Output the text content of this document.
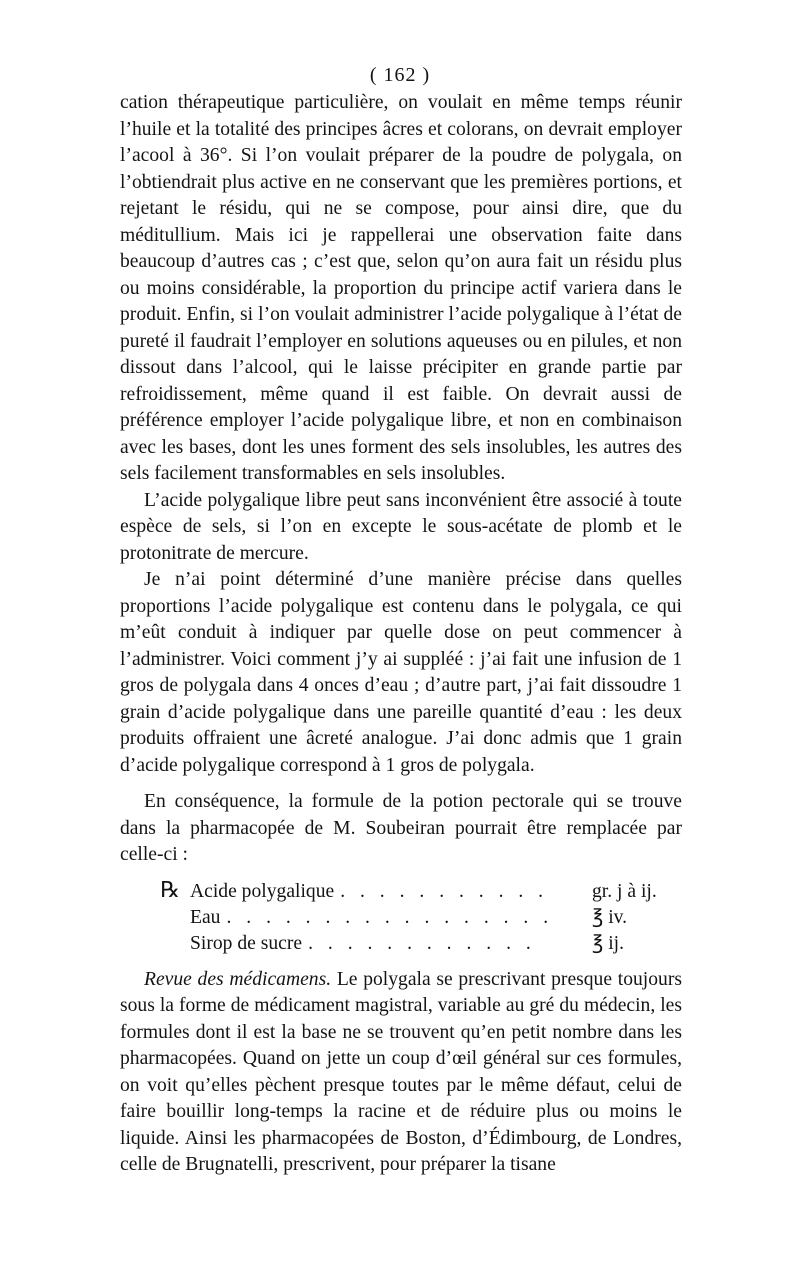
( 162 )

cation thérapeutique particulière, on voulait en même temps réunir l’huile et la totalité des principes âcres et colorans, on devrait employer l’acool à 36°. Si l’on voulait préparer de la poudre de polygala, on l’obtiendrait plus active en ne conservant que les premières portions, et rejetant le résidu, qui ne se compose, pour ainsi dire, que du méditullium. Mais ici je rappellerai une observation faite dans beaucoup d’autres cas ; c’est que, selon qu’on aura fait un résidu plus ou moins considérable, la proportion du principe actif variera dans le produit. Enfin, si l’on voulait administrer l’acide polygalique à l’état de pureté il faudrait l’employer en solutions aqueuses ou en pilules, et non dissout dans l’alcool, qui le laisse précipiter en grande partie par refroidissement, même quand il est faible. On devrait aussi de préférence employer l’acide polygalique libre, et non en combinaison avec les bases, dont les unes forment des sels insolubles, les autres des sels facilement transformables en sels insolubles.

L’acide polygalique libre peut sans inconvénient être associé à toute espèce de sels, si l’on en excepte le sous-acétate de plomb et le protonitrate de mercure.

Je n’ai point déterminé d’une manière précise dans quelles proportions l’acide polygalique est contenu dans le polygala, ce qui m’eût conduit à indiquer par quelle dose on peut commencer à l’administrer. Voici comment j’y ai suppléé : j’ai fait une infusion de 1 gros de polygala dans 4 onces d’eau ; d’autre part, j’ai fait dissoudre 1 grain d’acide polygalique dans une pareille quantité d’eau : les deux produits offraient une âcreté analogue. J’ai donc admis que 1 grain d’acide polygalique correspond à 1 gros de polygala.

En conséquence, la formule de la potion pectorale qui se trouve dans la pharmacopée de M. Soubeiran pourrait être remplacée par celle-ci :

℞ Acide polygalique . . . . . . . . . . .	gr. j à ij.
Eau . . . . . . . . . . . . . . . . .	℥ iv.
Sirop de sucre . . . . . . . . . . . .	℥ ij.

Revue des médicamens. Le polygala se prescrivant presque toujours sous la forme de médicament magistral, variable au gré du médecin, les formules dont il est la base ne se trouvent qu’en petit nombre dans les pharmacopées. Quand on jette un coup d’œil général sur ces formules, on voit qu’elles pèchent presque toutes par le même défaut, celui de faire bouillir long-temps la racine et de réduire plus ou moins le liquide. Ainsi les pharmacopées de Boston, d’Édimbourg, de Londres, celle de Brugnatelli, prescrivent, pour préparer la tisane
